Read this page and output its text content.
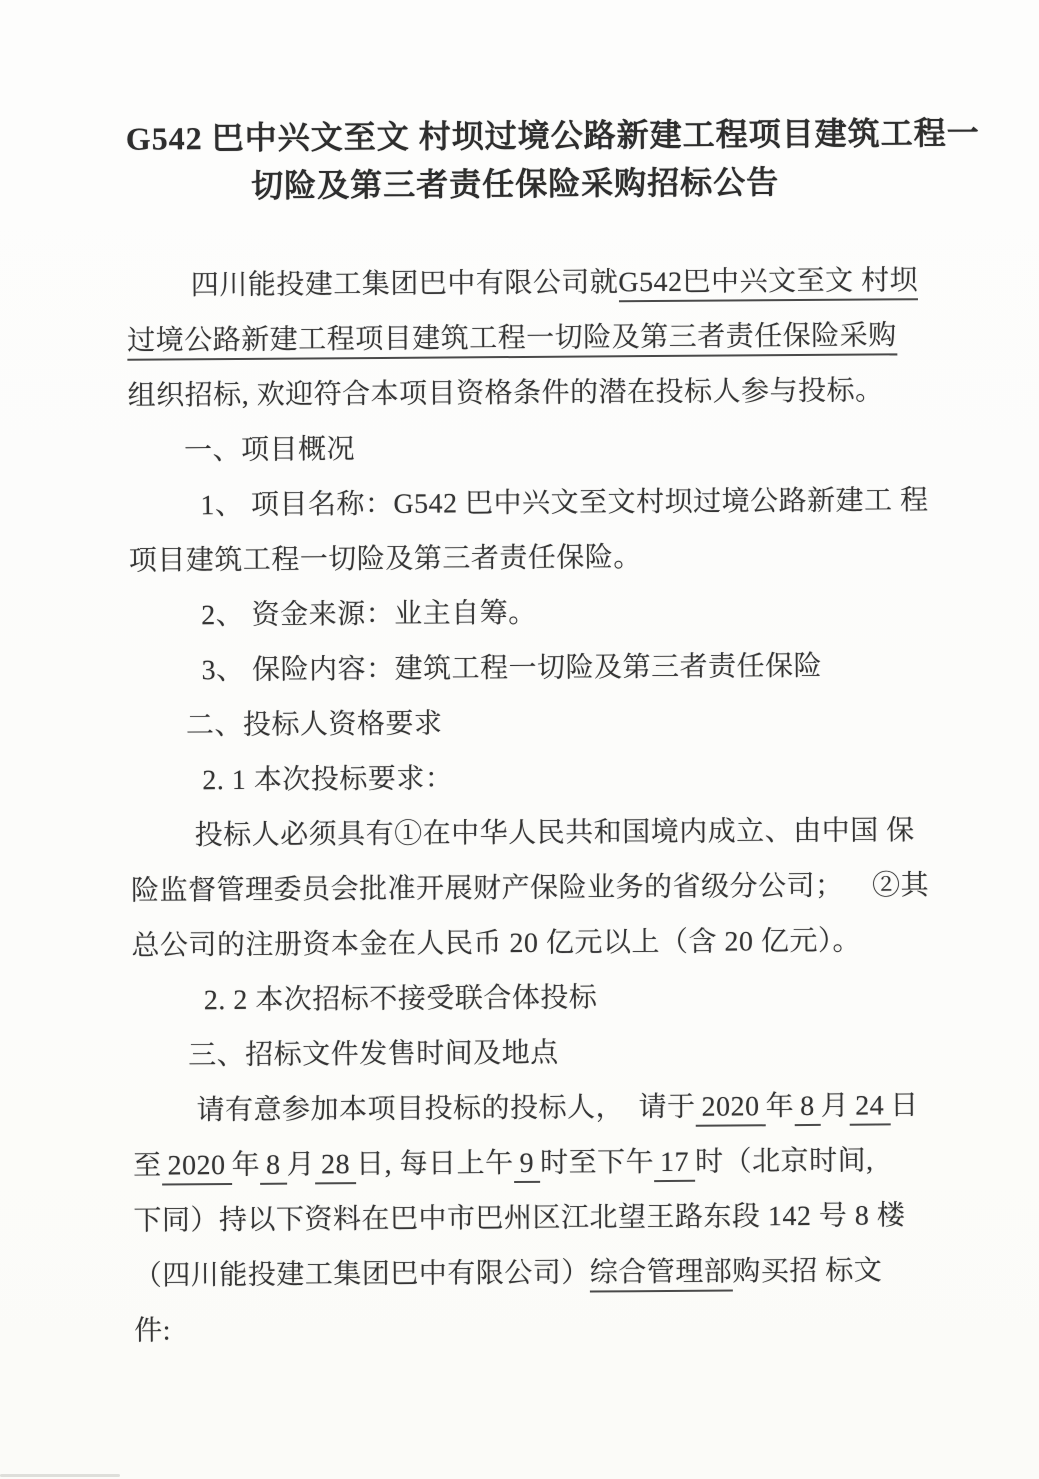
G542 巴中兴文至文 村坝过境公路新建工程项目建筑工程一
切险及第三者责任保险采购招标公告
四川能投建工集团巴中有限公司就G542巴中兴文至文 村坝
过境公路新建工程项目建筑工程一切险及第三者责任保险采购
组织招标, 欢迎符合本项目资格条件的潜在投标人参与投标。
一、项目概况
1、 项目名称：G542 巴中兴文至文村坝过境公路新建工 程
项目建筑工程一切险及第三者责任保险。
2、 资金来源：业主自筹。
3、 保险内容：建筑工程一切险及第三者责任保险
二、投标人资格要求
2. 1 本次投标要求：
投标人必须具有①在中华人民共和国境内成立、由中国 保
险监督管理委员会批准开展财产保险业务的省级分公司； ②其
总公司的注册资本金在人民币 20 亿元以上（含 20 亿元）。
2. 2 本次招标不接受联合体投标
三、招标文件发售时间及地点
请有意参加本项目投标的投标人， 请于 2020 年 8 月 24 日
至 2020 年 8 月 28 日, 每日上午 9 时至下午 17 时（北京时间,
下同）持以下资料在巴中市巴州区江北望王路东段 142 号 8 楼
（四川能投建工集团巴中有限公司）综合管理部购买招 标文
件:
